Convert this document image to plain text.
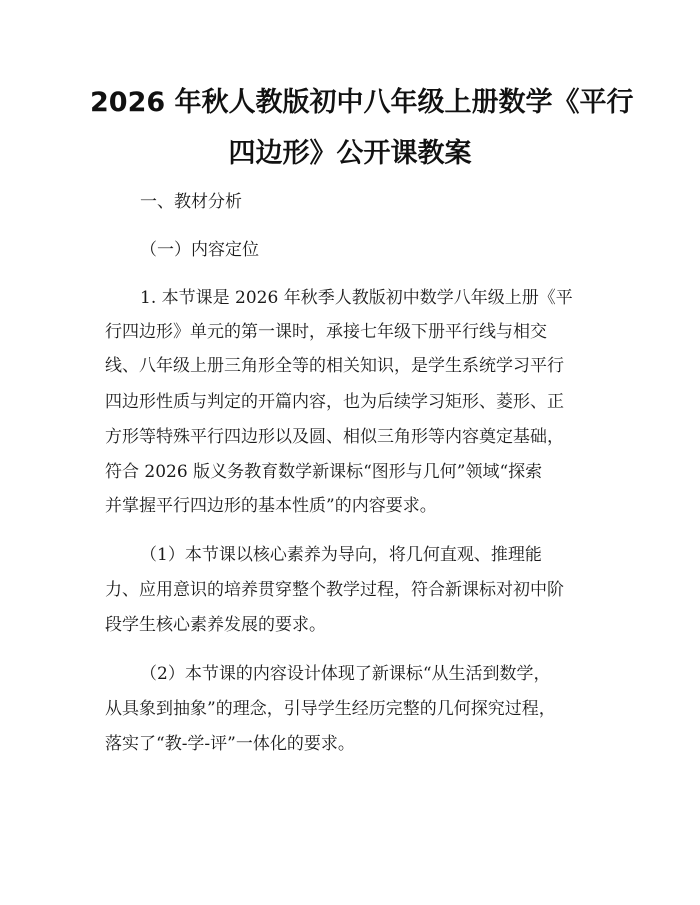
2026 年秋人教版初中八年级上册数学《平行
四边形》公开课教案
一、教材分析
（一）内容定位
1. 本节课是 2026 年秋季人教版初中数学八年级上册《平
行四边形》单元的第一课时，承接七年级下册平行线与相交
线、八年级上册三角形全等的相关知识，是学生系统学习平行
四边形性质与判定的开篇内容，也为后续学习矩形、菱形、正
方形等特殊平行四边形以及圆、相似三角形等内容奠定基础，
符合 2026 版义务教育数学新课标“图形与几何”领域“探索
并掌握平行四边形的基本性质”的内容要求。
（1）本节课以核心素养为导向，将几何直观、推理能
力、应用意识的培养贯穿整个教学过程，符合新课标对初中阶
段学生核心素养发展的要求。
（2）本节课的内容设计体现了新课标“从生活到数学，
从具象到抽象”的理念，引导学生经历完整的几何探究过程，
落实了“教-学-评”一体化的要求。
